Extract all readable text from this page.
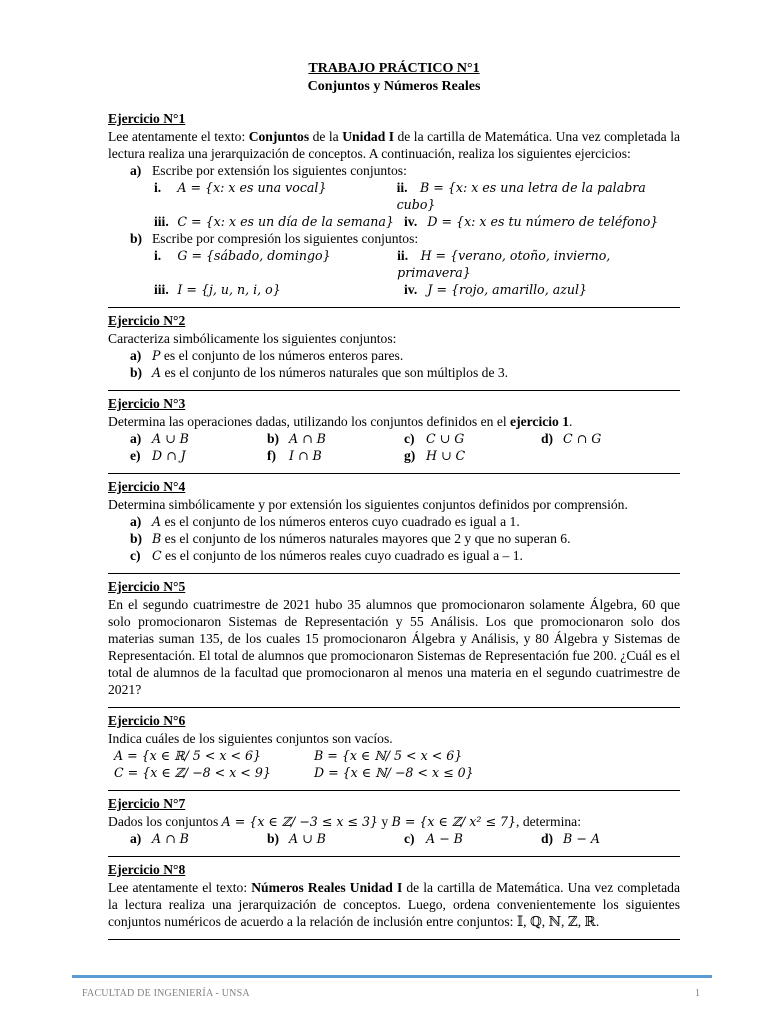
TRABAJO PRÁCTICO N°1
Conjuntos y Números Reales
Ejercicio N°1
Lee atentamente el texto: Conjuntos de la Unidad I de la cartilla de Matemática. Una vez completada la lectura realiza una jerarquización de conceptos. A continuación, realiza los siguientes ejercicios:
a) Escribe por extensión los siguientes conjuntos:
i. A = {x: x es una vocal}	ii. B = {x: x es una letra de la palabra cubo}
iii. C = {x: x es un día de la semana} iv. D = {x: x es tu número de teléfono}
b) Escribe por compresión los siguientes conjuntos:
i. G = {sábado, domingo}	ii. H = {verano, otoño, invierno, primavera}
iii. I = {j, u, n, i, o}	iv. J = {rojo, amarillo, azul}
Ejercicio N°2
Caracteriza simbólicamente los siguientes conjuntos:
a) P es el conjunto de los números enteros pares.
b) A es el conjunto de los números naturales que son múltiplos de 3.
Ejercicio N°3
Determina las operaciones dadas, utilizando los conjuntos definidos en el ejercicio 1.
a) A ∪ B	b) A ∩ B	c) C ∪ G	d) C ∩ G
e) D ∩ J	f) I ∩ B	g) H ∪ C
Ejercicio N°4
Determina simbólicamente y por extensión los siguientes conjuntos definidos por comprensión.
a) A es el conjunto de los números enteros cuyo cuadrado es igual a 1.
b) B es el conjunto de los números naturales mayores que 2 y que no superan 6.
c) C es el conjunto de los números reales cuyo cuadrado es igual a – 1.
Ejercicio N°5
En el segundo cuatrimestre de 2021 hubo 35 alumnos que promocionaron solamente Álgebra, 60 que solo promocionaron Sistemas de Representación y 55 Análisis. Los que promocionaron solo dos materias suman 135, de los cuales 15 promocionaron Álgebra y Análisis, y 80 Álgebra y Sistemas de Representación. El total de alumnos que promocionaron Sistemas de Representación fue 200. ¿Cuál es el total de alumnos de la facultad que promocionaron al menos una materia en el segundo cuatrimestre de 2021?
Ejercicio N°6
Indica cuáles de los siguientes conjuntos son vacíos.
A = {x ∈ ℝ/ 5 < x < 6}	B = {x ∈ ℕ/ 5 < x < 6}
C = {x ∈ ℤ/ −8 < x < 9}	D = {x ∈ ℕ/ −8 < x ≤ 0}
Ejercicio N°7
Dados los conjuntos A = {x ∈ ℤ/ −3 ≤ x ≤ 3} y B = {x ∈ ℤ/ x² ≤ 7}, determina:
a) A ∩ B	b) A ∪ B	c) A − B	d) B − A
Ejercicio N°8
Lee atentamente el texto: Números Reales Unidad I de la cartilla de Matemática. Una vez completada la lectura realiza una jerarquización de conceptos. Luego, ordena convenientemente los siguientes conjuntos numéricos de acuerdo a la relación de inclusión entre conjuntos: 𝕀, ℚ, ℕ, ℤ, ℝ.
FACULTAD DE INGENIERÍA - UNSA	1
